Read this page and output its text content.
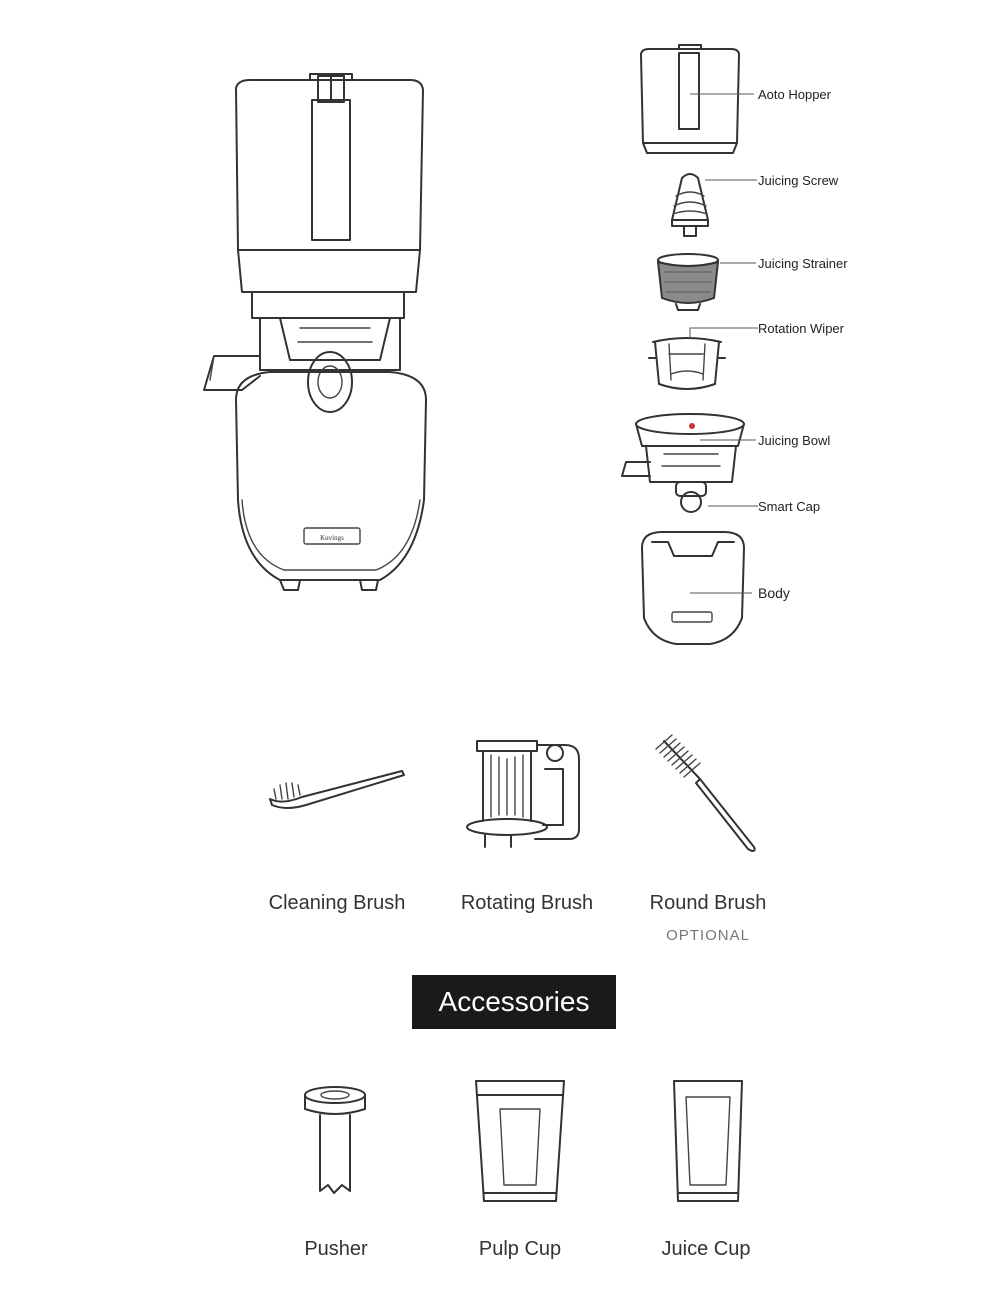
Kuvings
Aoto Hopper
Juicing Screw
Juicing Strainer
Rotation Wiper
Juicing Bowl
Smart Cap
Body
Cleaning Brush	Rotating Brush	Round Brush
OPTIONAL
Accessories
Pusher	Pulp Cup	Juice Cup
